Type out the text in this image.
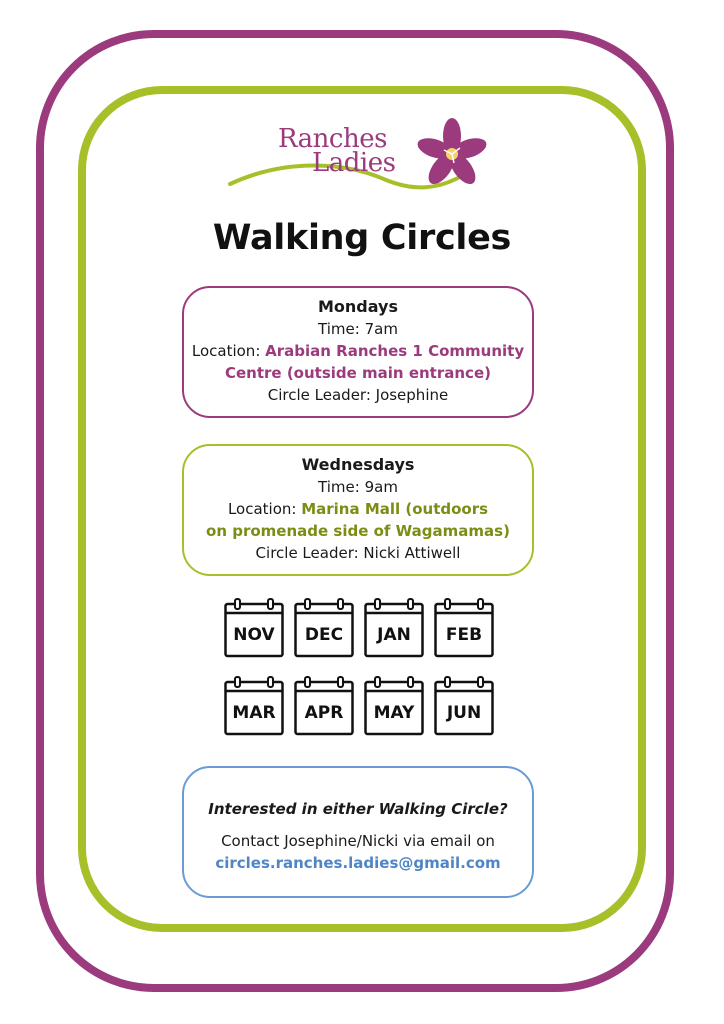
Ranches
Ladies
Walking Circles
Mondays
Time: 7am
Location: Arabian Ranches 1 Community
Centre (outside main entrance)
Circle Leader: Josephine
Wednesdays
Time: 9am
Location: Marina Mall (outdoors
on promenade side of Wagamamas)
Circle Leader: Nicki Attiwell
NOV	DEC	JAN	FEB
MAR	APR	MAY	JUN
Interested in either Walking Circle?
Contact Josephine/Nicki via email on
circles.ranches.ladies@gmail.com
